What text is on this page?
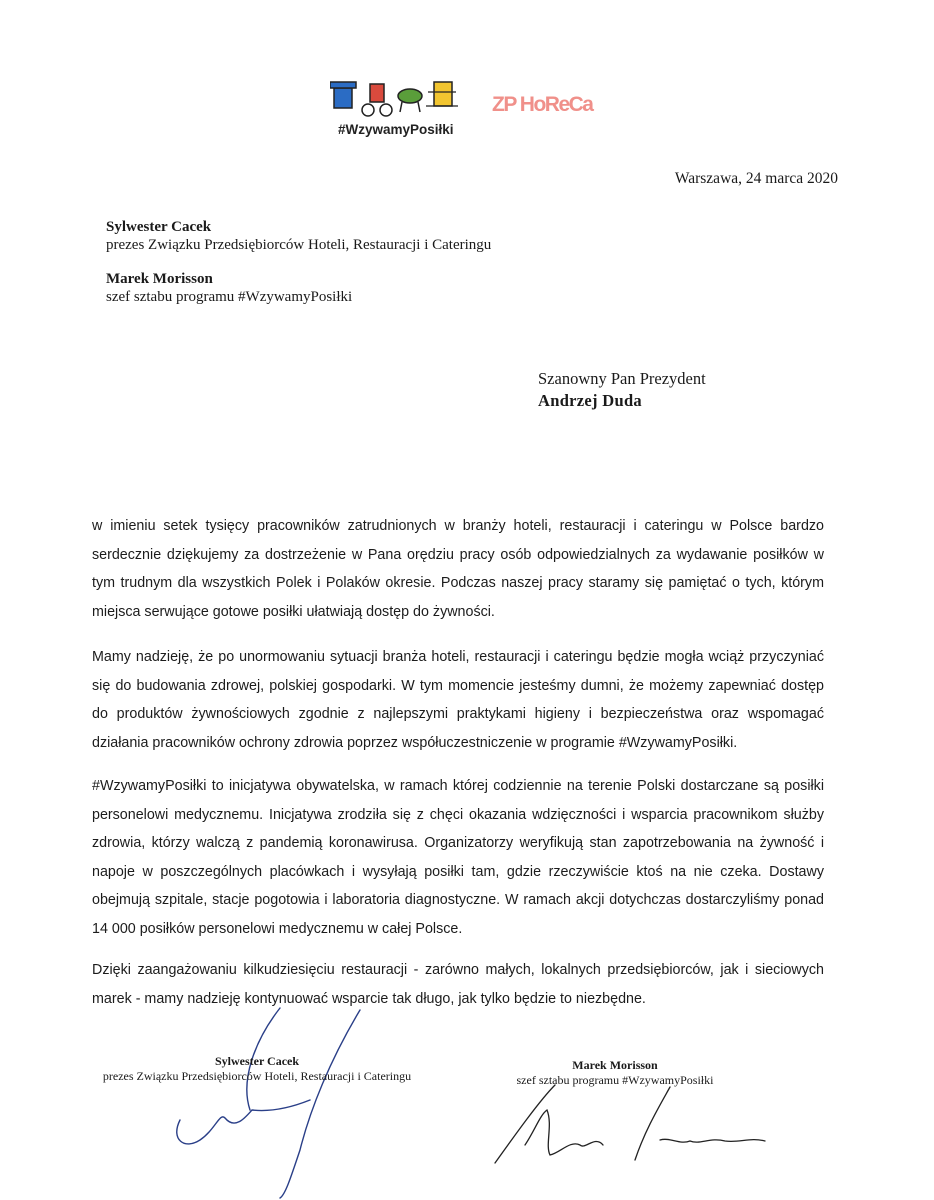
#WzywamyPosiłki
ZP HoReCa
Warszawa, 24 marca 2020
Sylwester Cacek
prezes Związku Przedsiębiorców Hoteli, Restauracji i Cateringu
Marek Morisson
szef sztabu programu #WzywamyPosiłki
Szanowny Pan Prezydent
Andrzej Duda

w imieniu setek tysięcy pracowników zatrudnionych w branży hoteli, restauracji i cateringu w Polsce bardzo serdecznie dziękujemy za dostrzeżenie w Pana orędziu pracy osób odpowiedzialnych za wydawanie posiłków w tym trudnym dla wszystkich Polek i Polaków okresie. Podczas naszej pracy staramy się pamiętać o tych, którym miejsca serwujące gotowe posiłki ułatwiają dostęp do żywności.

Mamy nadzieję, że po unormowaniu sytuacji branża hoteli, restauracji i cateringu będzie mogła wciąż przyczyniać się do budowania zdrowej, polskiej gospodarki. W tym momencie jesteśmy dumni, że możemy zapewniać dostęp do produktów żywnościowych zgodnie z najlepszymi praktykami higieny i bezpieczeństwa oraz wspomagać działania pracowników ochrony zdrowia poprzez współuczestniczenie w programie #WzywamyPosiłki.

#WzywamyPosiłki to inicjatywa obywatelska, w ramach której codziennie na terenie Polski dostarczane są posiłki personelowi medycznemu. Inicjatywa zrodziła się z chęci okazania wdzięczności i wsparcia pracownikom służby zdrowia, którzy walczą z pandemią koronawirusa. Organizatorzy weryfikują stan zapotrzebowania na żywność i napoje w poszczególnych placówkach i wysyłają posiłki tam, gdzie rzeczywiście ktoś na nie czeka. Dostawy obejmują szpitale, stacje pogotowia i laboratoria diagnostyczne. W ramach akcji dotychczas dostarczyliśmy ponad 14 000 posiłków personelowi medycznemu w całej Polsce.

Dzięki zaangażowaniu kilkudziesięciu restauracji - zarówno małych, lokalnych przedsiębiorców, jak i sieciowych marek - mamy nadzieję kontynuować wsparcie tak długo, jak tylko będzie to niezbędne.

Sylwester Cacek
prezes Związku Przedsiębiorców Hoteli, Restauracji i Cateringu
Marek Morisson
szef sztabu programu #WzywamyPosiłki
